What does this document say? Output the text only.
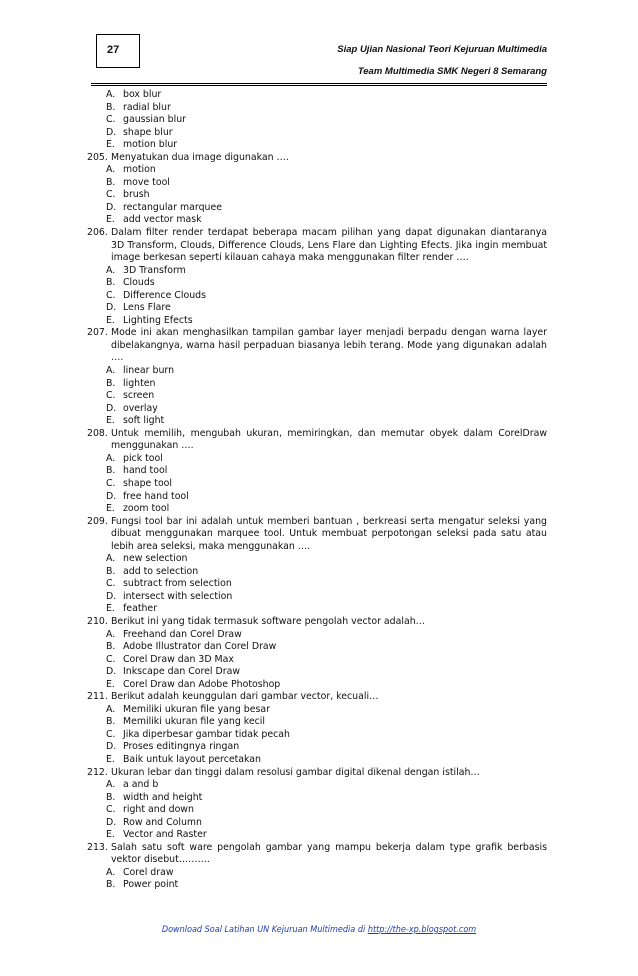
27	Siap Ujian Nasional Teori Kejuruan Multimedia
Team Multimedia SMK Negeri 8 Semarang
A. box blur
B. radial blur
C. gaussian blur
D. shape blur
E. motion blur
205. Menyatukan dua image digunakan ….
A. motion
B. move tool
C. brush
D. rectangular marquee
E. add vector mask
206. Dalam filter render terdapat beberapa macam pilihan yang dapat digunakan diantaranya 3D Transform, Clouds, Difference Clouds, Lens Flare dan Lighting Efects. Jika ingin membuat image berkesan seperti kilauan cahaya maka menggunakan filter render ….
A. 3D Transform
B. Clouds
C. Difference Clouds
D. Lens Flare
E. Lighting Efects
207. Mode ini akan menghasilkan tampilan gambar layer menjadi berpadu dengan warna layer dibelakangnya, warna hasil perpaduan biasanya lebih terang. Mode yang digunakan adalah ….
A. linear burn
B. lighten
C. screen
D. overlay
E. soft light
208. Untuk memilih, mengubah ukuran, memiringkan, dan memutar obyek dalam CorelDraw menggunakan ….
A. pick tool
B. hand tool
C. shape tool
D. free hand tool
E. zoom tool
209. Fungsi tool bar ini adalah untuk memberi bantuan , berkreasi serta mengatur seleksi yang dibuat menggunakan marquee tool. Untuk membuat perpotongan seleksi pada satu atau lebih area seleksi, maka menggunakan ….
A. new selection
B. add to selection
C. subtract from selection
D. intersect with selection
E. feather
210. Berikut ini yang tidak termasuk software pengolah vector adalah…
A. Freehand dan Corel Draw
B. Adobe Illustrator dan Corel Draw
C. Corel Draw dan 3D Max
D. Inkscape dan Corel Draw
E. Corel Draw dan Adobe Photoshop
211. Berikut adalah keunggulan dari gambar vector, kecuali…
A. Memiliki ukuran file yang besar
B. Memiliki ukuran file yang kecil
C. Jika diperbesar gambar tidak pecah
D. Proses editingnya ringan
E. Baik untuk layout percetakan
212. Ukuran lebar dan tinggi dalam resolusi gambar digital dikenal dengan istilah…
A. a and b
B. width and height
C. right and down
D. Row and Column
E. Vector and Raster
213. Salah satu soft ware pengolah gambar yang mampu bekerja dalam type grafik berbasis vektor disebut……….
A. Corel draw
B. Power point
Download Soal Latihan UN Kejuruan Multimedia di http://the-xp.blogspot.com
